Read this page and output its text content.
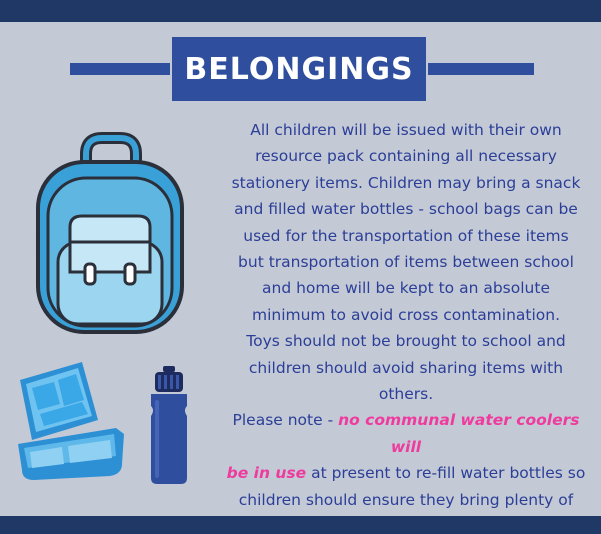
BELONGINGS
All children will be issued with their own
resource pack containing all necessary
stationery items. Children may bring a snack
and filled water bottles - school bags can be
used for the transportation of these items
but transportation of items between school
and home will be kept to an absolute
minimum to avoid cross contamination.
Toys should not be brought to school and
children should avoid sharing items with
others.
Please note - no communal water coolers will
be in use at present to re-fill water bottles so
children should ensure they bring plenty of
